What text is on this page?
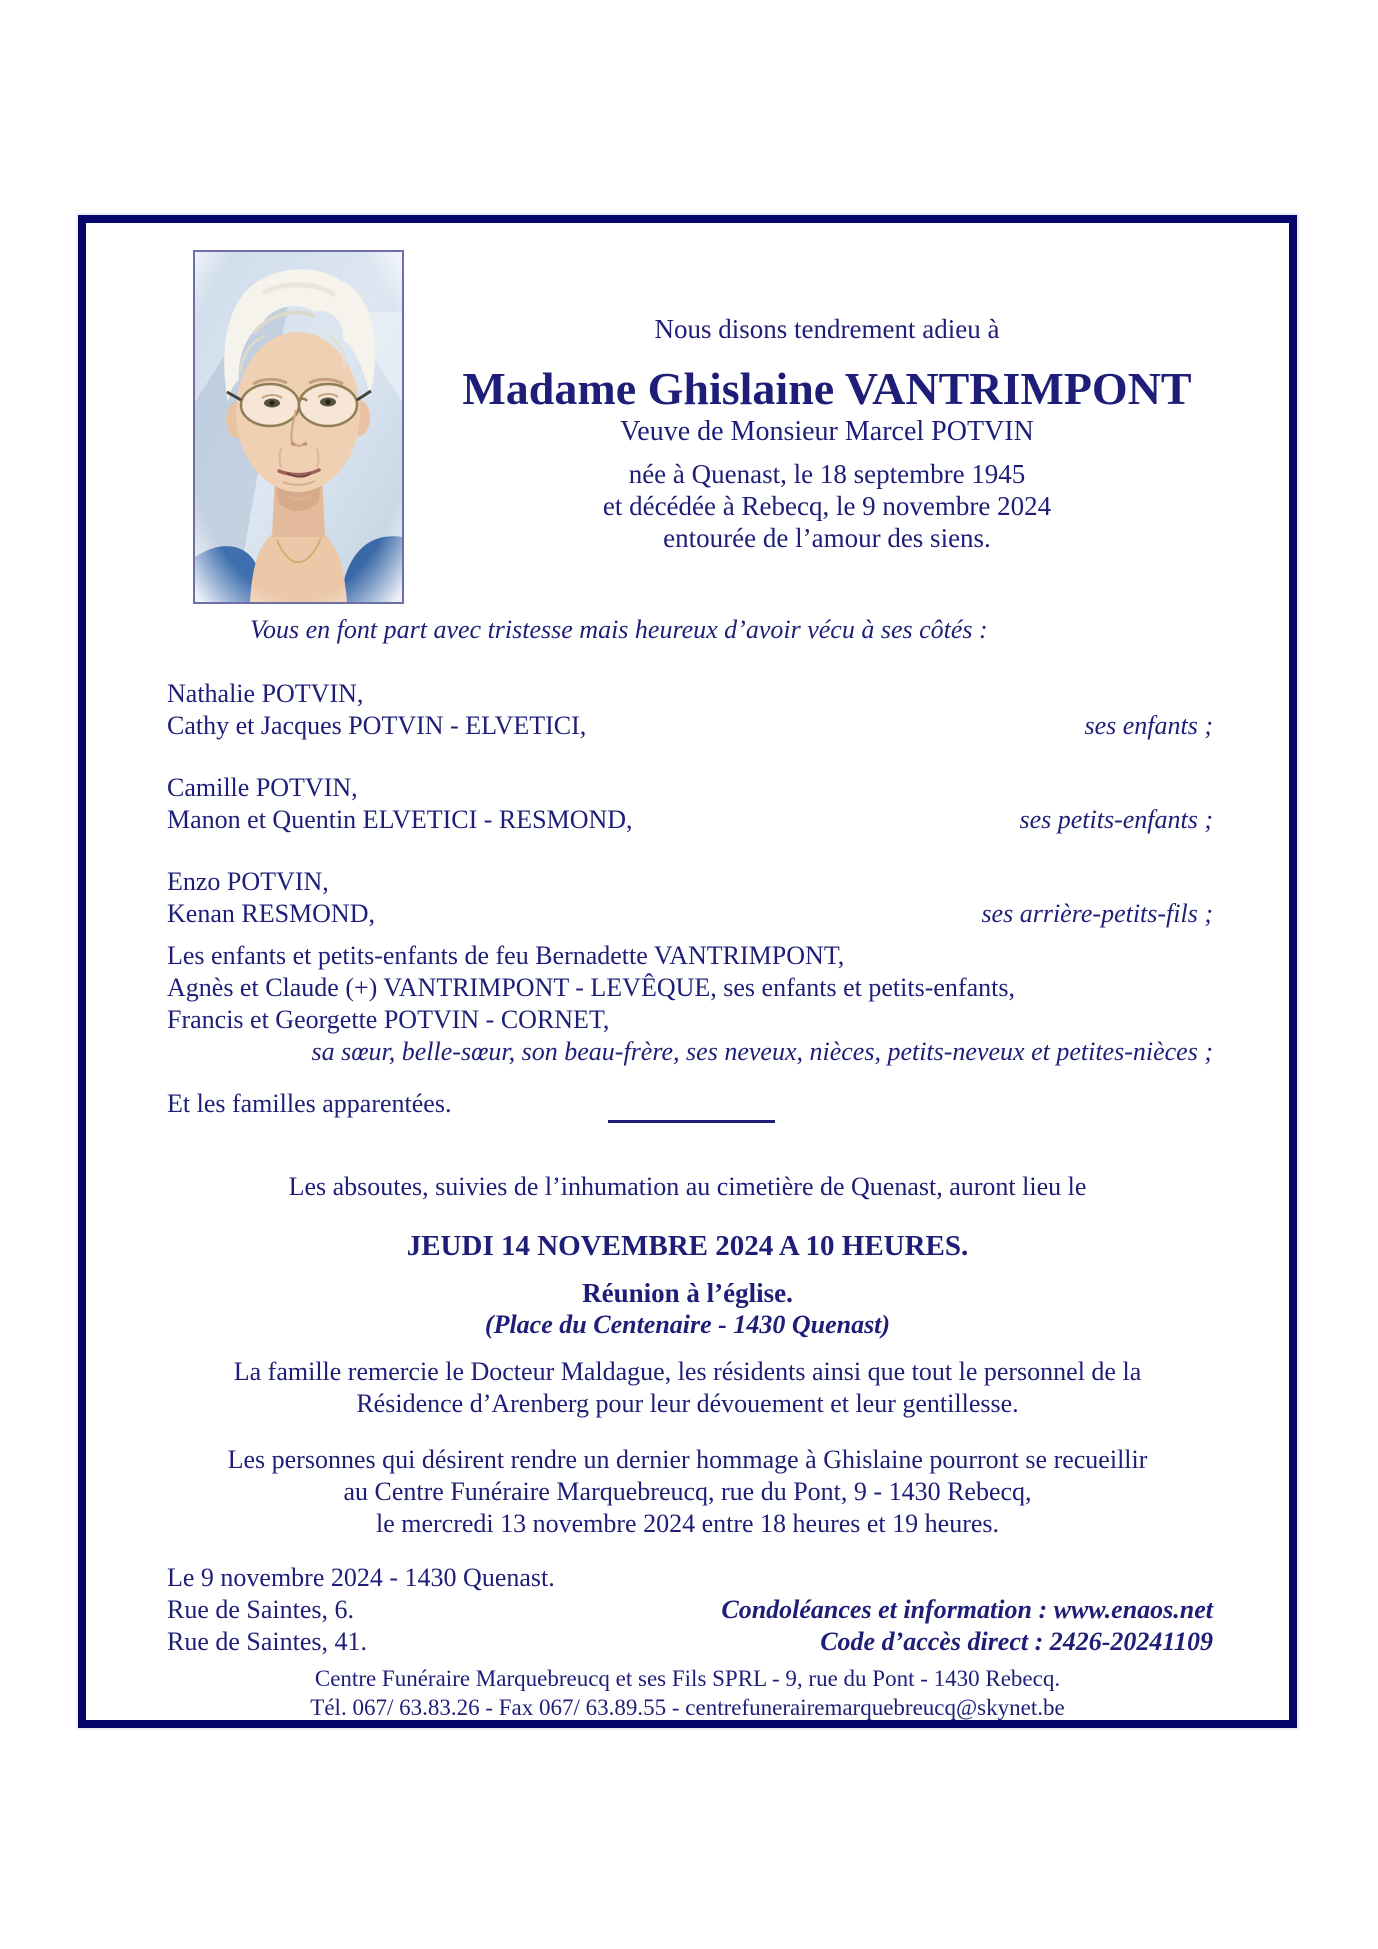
Nous disons tendrement adieu à
Madame Ghislaine VANTRIMPONT
Veuve de Monsieur Marcel POTVIN
née à Quenast, le 18 septembre 1945
et décédée à Rebecq, le 9 novembre 2024
entourée de l’amour des siens.
Vous en font part avec tristesse mais heureux d’avoir vécu à ses côtés :
Nathalie POTVIN,
Cathy et Jacques POTVIN - ELVETICI,	ses enfants ;
Camille POTVIN,
Manon et Quentin ELVETICI - RESMOND,	ses petits-enfants ;
Enzo POTVIN,
Kenan RESMOND,	ses arrière-petits-fils ;
Les enfants et petits-enfants de feu Bernadette VANTRIMPONT,
Agnès et Claude (+) VANTRIMPONT - LEVÊQUE, ses enfants et petits-enfants,
Francis et Georgette POTVIN - CORNET,
sa sœur, belle-sœur, son beau-frère, ses neveux, nièces, petits-neveux et petites-nièces ;
Et les familles apparentées.
Les absoutes, suivies de l’inhumation au cimetière de Quenast, auront lieu le
JEUDI 14 NOVEMBRE 2024 A 10 HEURES.
Réunion à l’église.
(Place du Centenaire - 1430 Quenast)
La famille remercie le Docteur Maldague, les résidents ainsi que tout le personnel de la
Résidence d’Arenberg pour leur dévouement et leur gentillesse.
Les personnes qui désirent rendre un dernier hommage à Ghislaine pourront se recueillir
au Centre Funéraire Marquebreucq, rue du Pont, 9 - 1430 Rebecq,
le mercredi 13 novembre 2024 entre 18 heures et 19 heures.
Le 9 novembre 2024 - 1430 Quenast.
Rue de Saintes, 6.
Rue de Saintes, 41.
Condoléances et information : www.enaos.net
Code d’accès direct : 2426-20241109
Centre Funéraire Marquebreucq et ses Fils SPRL - 9, rue du Pont - 1430 Rebecq.
Tél. 067/ 63.83.26 - Fax 067/ 63.89.55 - centrefunerairemarquebreucq@skynet.be
